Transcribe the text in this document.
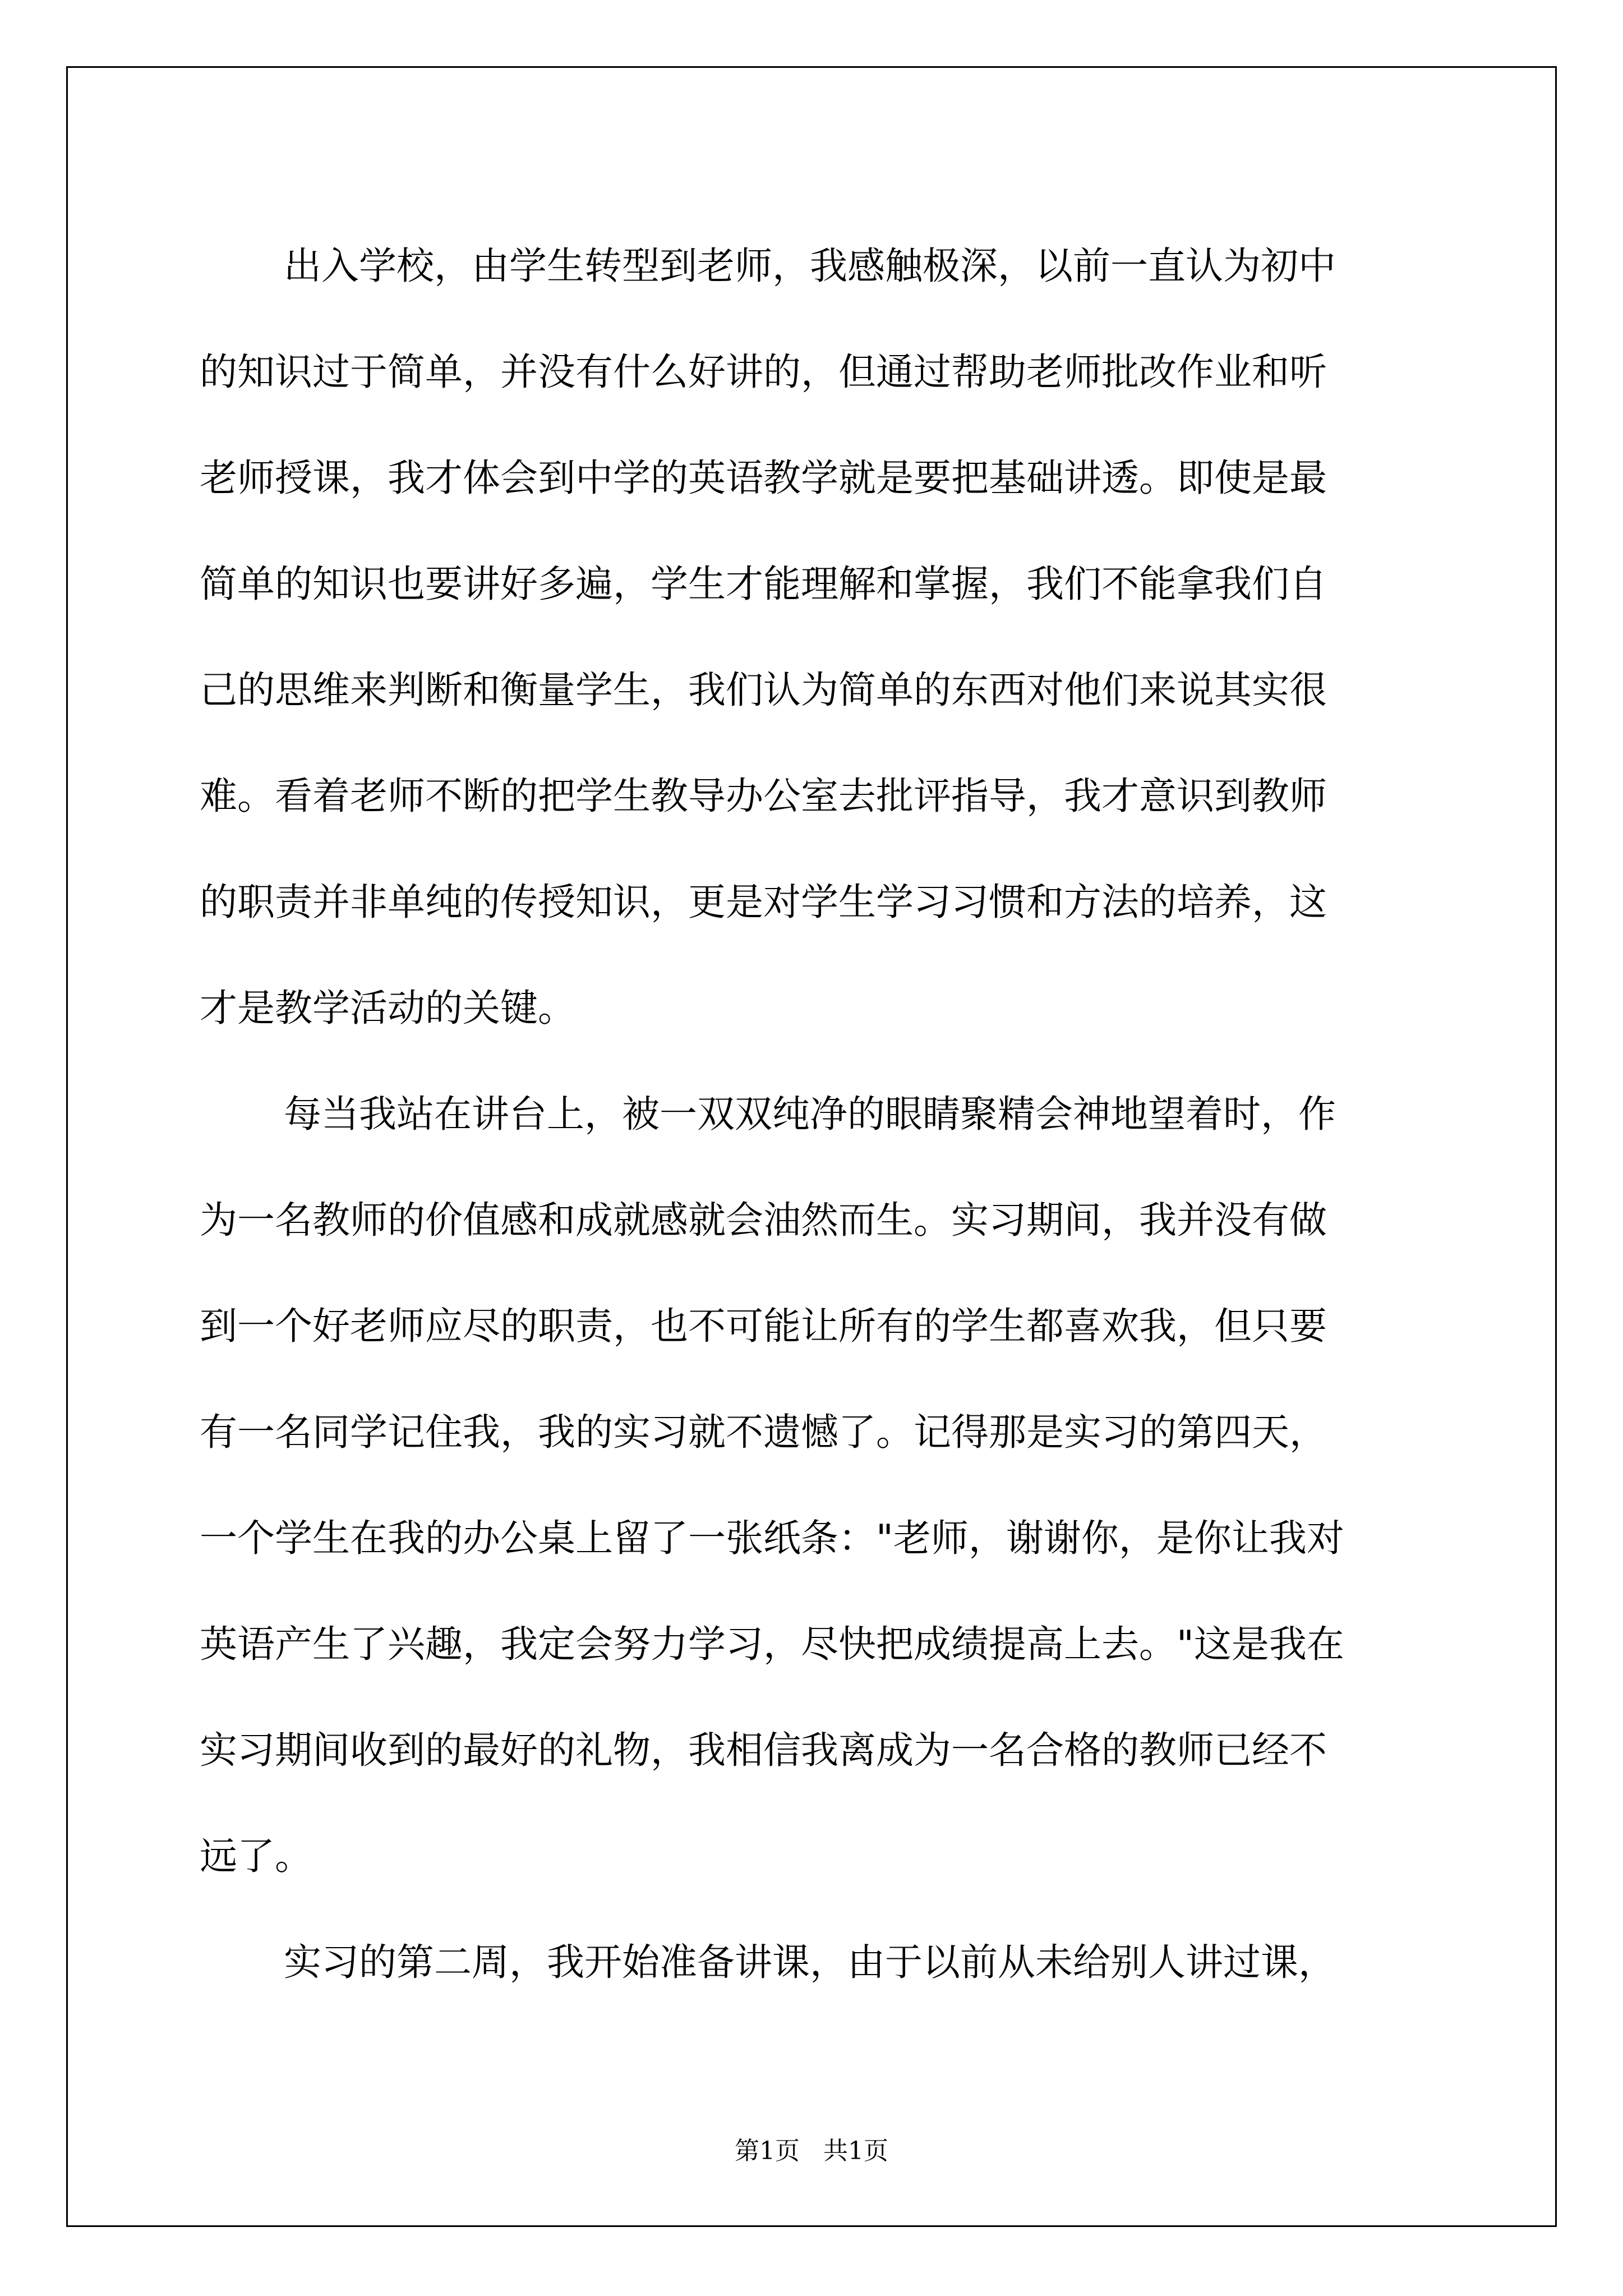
出入学校，由学生转型到老师，我感触极深，以前一直认为初中
的知识过于简单，并没有什么好讲的，但通过帮助老师批改作业和听
老师授课，我才体会到中学的英语教学就是要把基础讲透。即使是最
简单的知识也要讲好多遍，学生才能理解和掌握，我们不能拿我们自
己的思维来判断和衡量学生，我们认为简单的东西对他们来说其实很
难。看着老师不断的把学生教导办公室去批评指导，我才意识到教师
的职责并非单纯的传授知识，更是对学生学习习惯和方法的培养，这
才是教学活动的关键。
每当我站在讲台上，被一双双纯净的眼睛聚精会神地望着时，作
为一名教师的价值感和成就感就会油然而生。实习期间，我并没有做
到一个好老师应尽的职责，也不可能让所有的学生都喜欢我，但只要
有一名同学记住我，我的实习就不遗憾了。记得那是实习的第四天，
一个学生在我的办公桌上留了一张纸条："老师，谢谢你，是你让我对
英语产生了兴趣，我定会努力学习，尽快把成绩提高上去。"这是我在
实习期间收到的最好的礼物，我相信我离成为一名合格的教师已经不
远了。
实习的第二周，我开始准备讲课，由于以前从未给别人讲过课，
第1页   共1页
